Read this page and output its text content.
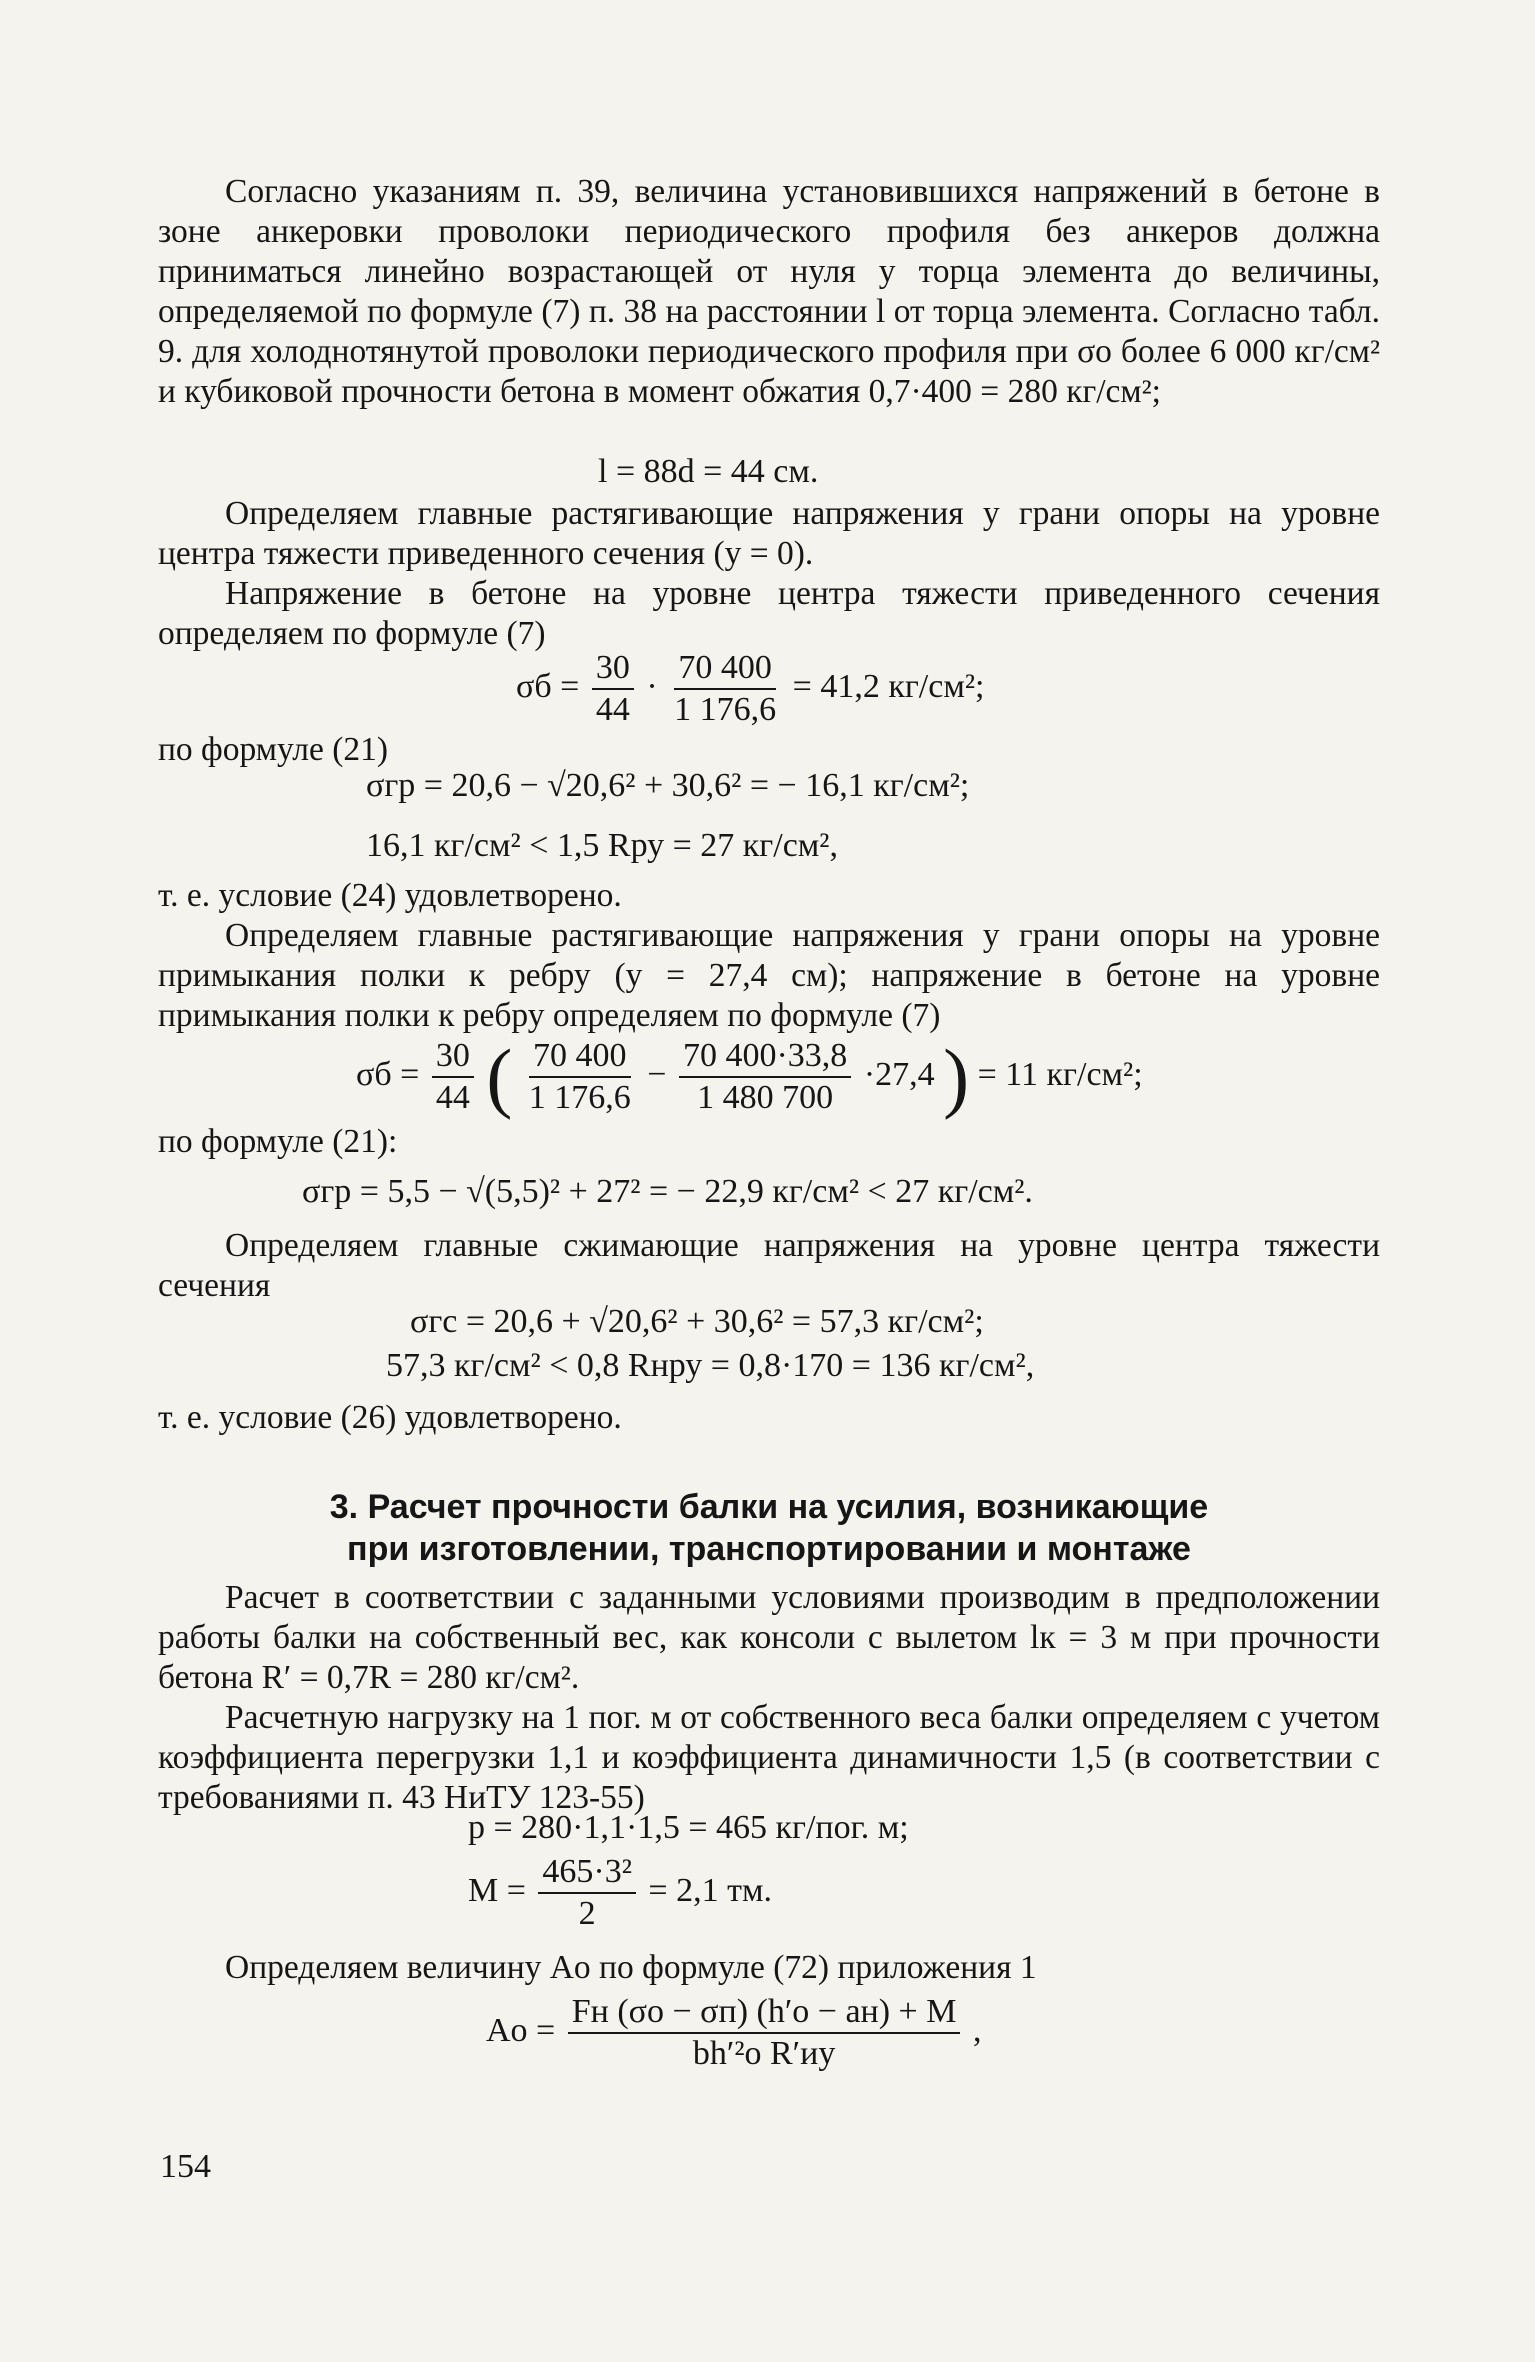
Согласно указаниям п. 39, величина установившихся напряжений в бетоне в зоне анкеровки проволоки периодического профиля без анкеров должна приниматься линейно возрастающей от нуля у торца элемента до величины, определяемой по формуле (7) п. 38 на расстоянии l от торца элемента. Согласно табл. 9. для холоднотянутой проволоки периодического профиля при σо более 6 000 кг/см² и кубиковой прочности бетона в момент обжатия 0,7·400 = 280 кг/см²;

l = 88d = 44 см.

Определяем главные растягивающие напряжения у грани опоры на уровне центра тяжести приведенного сечения (y = 0).

Напряжение в бетоне на уровне центра тяжести приведенного сечения определяем по формуле (7)

$\sigma б = \frac{30}{44} \cdot \frac{70 400}{1 176,6} = 41,2$ кг/см²;

по формуле (21)

σгр = 20,6 − √20,6² + 30,6² = − 16,1 кг/см²;
16,1 кг/см² < 1,5 Rру = 27 кг/см²,

т. е. условие (24) удовлетворено.

Определяем главные растягивающие напряжения у грани опоры на уровне примыкания полки к ребру (y = 27,4 см); напряжение в бетоне на уровне примыкания полки к ребру определяем по формуле (7)

$\sigma б = \frac{30}{44}$ ( $\frac{70 400}{1 176,6} - \frac{70 400\cdot 33,8}{1 480 700} \cdot 27,4$ ) = 11 кг/см²;

по формуле (21):

σгр = 5,5 − √(5,5)² + 27² = − 22,9 кг/см² < 27 кг/см².

Определяем главные сжимающие напряжения на уровне центра тяжести сечения

σгс = 20,6 + √20,6² + 30,6² = 57,3 кг/см²;
57,3 кг/см² < 0,8 Rнру = 0,8·170 = 136 кг/см²,

т. е. условие (26) удовлетворено.

3. Расчет прочности балки на усилия, возникающие
при изготовлении, транспортировании и монтаже

Расчет в соответствии с заданными условиями производим в предположении работы балки на собственный вес, как консоли с вылетом lк = 3 м при прочности бетона R′ = 0,7R = 280 кг/см².

Расчетную нагрузку на 1 пог. м от собственного веса балки определяем с учетом коэффициента перегрузки 1,1 и коэффициента динамичности 1,5 (в соответствии с требованиями п. 43 НиТУ 123-55)

p = 280·1,1·1,5 = 465 кг/пог. м;
$M = \frac{\text{465·3²}}{2} = 2,1$ тм.

Определяем величину Aо по формуле (72) приложения 1

Aо = $\frac{Fн (\sigma о - \sigma п) (h'о - aн) + M}{\text{bh′²о R′иу}}$ ,
154
